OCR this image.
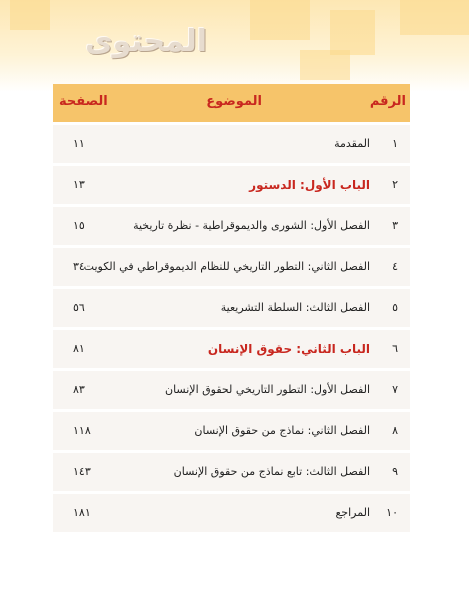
المحتوى
الرقم
الموضوع
الصفحة
١
المقدمة
١١
٢
الباب الأول: الدستور
١٣
٣
الفصل الأول: الشورى والديموقراطية - نظرة تاريخية
١٥
٤
الفصل الثاني: التطور التاريخي للنظام الديموقراطي في الكويت
٣٤
٥
الفصل الثالث: السلطة التشريعية
٥٦
٦
الباب الثاني: حقوق الإنسان
٨١
٧
الفصل الأول: التطور التاريخي لحقوق الإنسان
٨٣
٨
الفصل الثاني: نماذج من حقوق الإنسان
١١٨
٩
الفصل الثالث: تابع نماذج من حقوق الإنسان
١٤٣
١٠
المراجع
١٨١
